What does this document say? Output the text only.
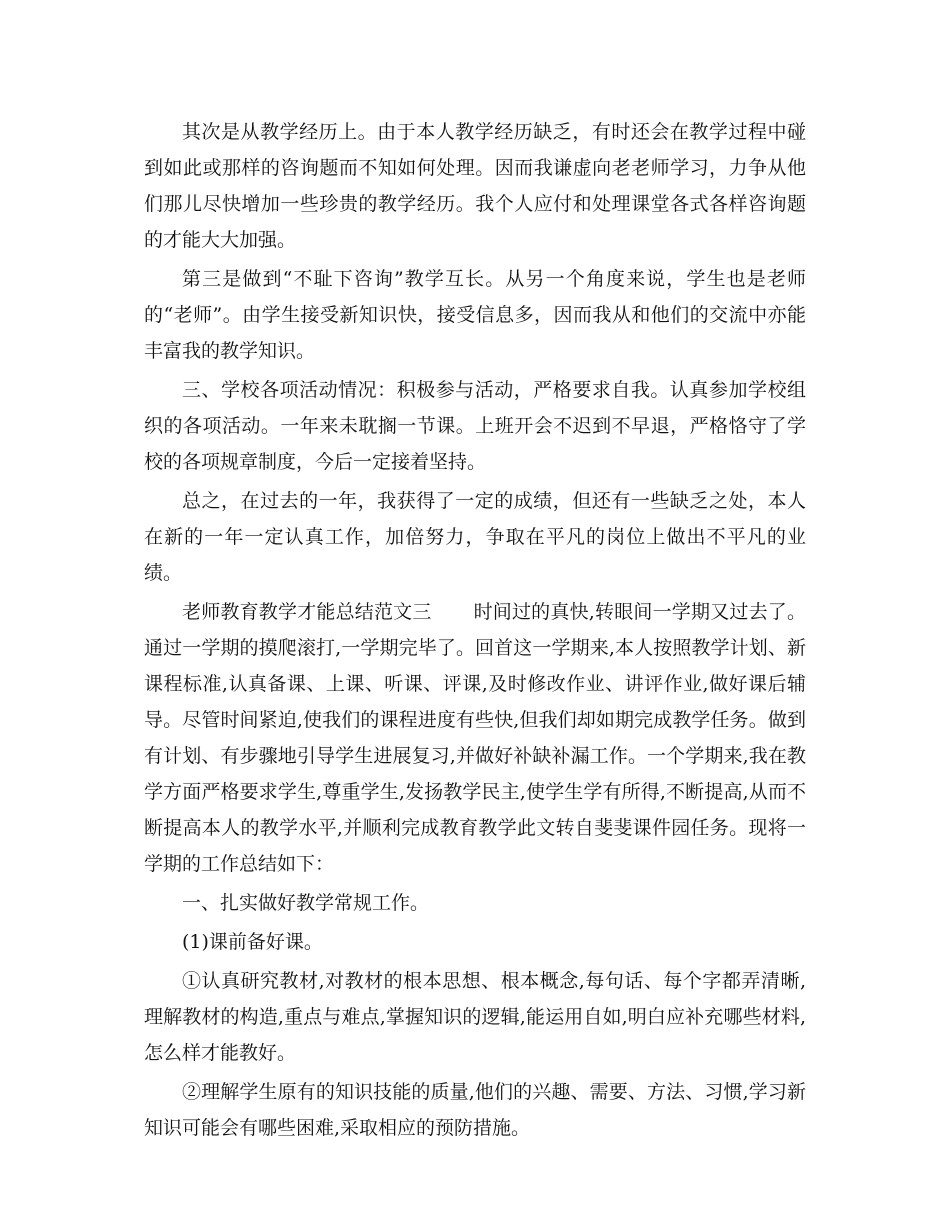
其次是从教学经历上。由于本人教学经历缺乏，有时还会在教学过程中碰到如此或那样的咨询题而不知如何处理。因而我谦虚向老老师学习，力争从他们那儿尽快增加一些珍贵的教学经历。我个人应付和处理课堂各式各样咨询题的才能大大加强。

第三是做到“不耻下咨询”教学互长。从另一个角度来说，学生也是老师的“老师”。由学生接受新知识快，接受信息多，因而我从和他们的交流中亦能丰富我的教学知识。

三、学校各项活动情况：积极参与活动，严格要求自我。认真参加学校组织的各项活动。一年来未耽搁一节课。上班开会不迟到不早退，严格恪守了学校的各项规章制度，今后一定接着坚持。

总之，在过去的一年，我获得了一定的成绩，但还有一些缺乏之处，本人在新的一年一定认真工作，加倍努力，争取在平凡的岗位上做出不平凡的业绩。

老师教育教学才能总结范文三 时间过的真快,转眼间一学期又过去了。通过一学期的摸爬滚打,一学期完毕了。回首这一学期来,本人按照教学计划、新课程标准,认真备课、上课、听课、评课,及时修改作业、讲评作业,做好课后辅导。尽管时间紧迫,使我们的课程进度有些快,但我们却如期完成教学任务。做到有计划、有步骤地引导学生进展复习,并做好补缺补漏工作。一个学期来,我在教学方面严格要求学生,尊重学生,发扬教学民主,使学生学有所得,不断提高,从而不断提高本人的教学水平,并顺利完成教育教学此文转自斐斐课件园任务。现将一学期的工作总结如下：

一、扎实做好教学常规工作。

(1)课前备好课。

①认真研究教材,对教材的根本思想、根本概念,每句话、每个字都弄清晰,理解教材的构造,重点与难点,掌握知识的逻辑,能运用自如,明白应补充哪些材料,怎么样才能教好。

②理解学生原有的知识技能的质量,他们的兴趣、需要、方法、习惯,学习新知识可能会有哪些困难,采取相应的预防措施。
